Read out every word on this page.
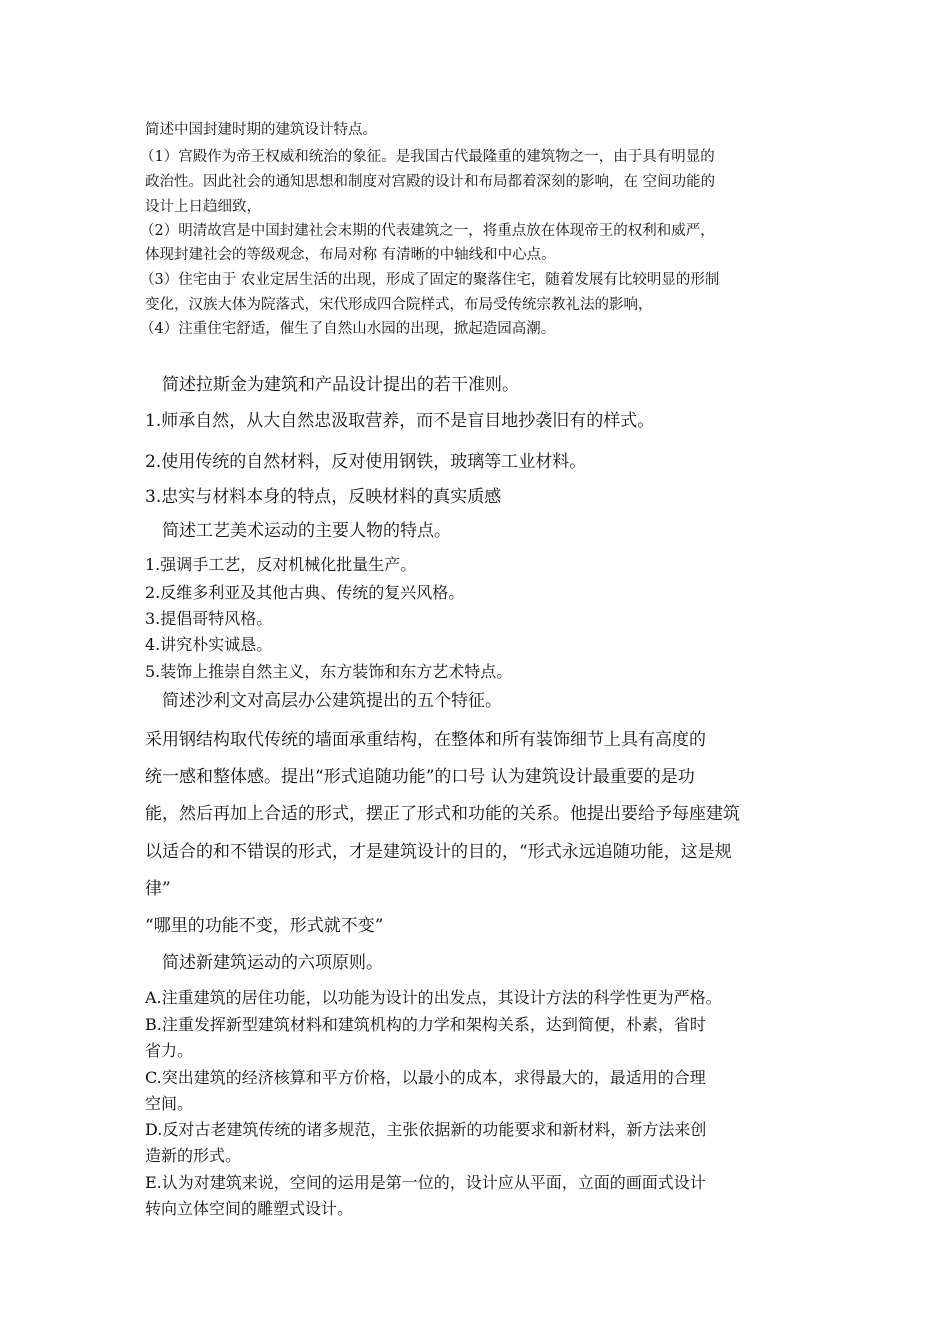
简述中国封建时期的建筑设计特点。
（1）宫殿作为帝王权威和统治的象征。是我国古代最隆重的建筑物之一，由于具有明显的
政治性。因此社会的通知思想和制度对宫殿的设计和布局都着深刻的影响，在 空间功能的
设计上日趋细致，
（2）明清故宫是中国封建社会末期的代表建筑之一，将重点放在体现帝王的权利和威严，
体现封建社会的等级观念，布局对称 有清晰的中轴线和中心点。
（3）住宅由于 农业定居生活的出现，形成了固定的聚落住宅，随着发展有比较明显的形制
变化，汉族大体为院落式，宋代形成四合院样式，布局受传统宗教礼法的影响，
（4）注重住宅舒适，催生了自然山水园的出现，掀起造园高潮。
简述拉斯金为建筑和产品设计提出的若干准则。
1.师承自然，从大自然忠汲取营养，而不是盲目地抄袭旧有的样式。
2.使用传统的自然材料，反对使用钢铁，玻璃等工业材料。
3.忠实与材料本身的特点，反映材料的真实质感
简述工艺美术运动的主要人物的特点。
1.强调手工艺，反对机械化批量生产。
2.反维多利亚及其他古典、传统的复兴风格。
3.提倡哥特风格。
4.讲究朴实诚恳。
5.装饰上推崇自然主义，东方装饰和东方艺术特点。
简述沙利文对高层办公建筑提出的五个特征。
采用钢结构取代传统的墙面承重结构，在整体和所有装饰细节上具有高度的
统一感和整体感。提出“形式追随功能”的口号 认为建筑设计最重要的是功
能，然后再加上合适的形式，摆正了形式和功能的关系。他提出要给予每座建筑
以适合的和不错误的形式，才是建筑设计的目的，“形式永远追随功能，这是规
律”
“哪里的功能不变，形式就不变”
简述新建筑运动的六项原则。
A.注重建筑的居住功能，以功能为设计的出发点，其设计方法的科学性更为严格。
B.注重发挥新型建筑材料和建筑机构的力学和架构关系，达到简便，朴素，省时
省力。
C.突出建筑的经济核算和平方价格，以最小的成本，求得最大的，最适用的合理
空间。
D.反对古老建筑传统的诸多规范，主张依据新的功能要求和新材料，新方法来创
造新的形式。
E.认为对建筑来说，空间的运用是第一位的，设计应从平面，立面的画面式设计
转向立体空间的雕塑式设计。
